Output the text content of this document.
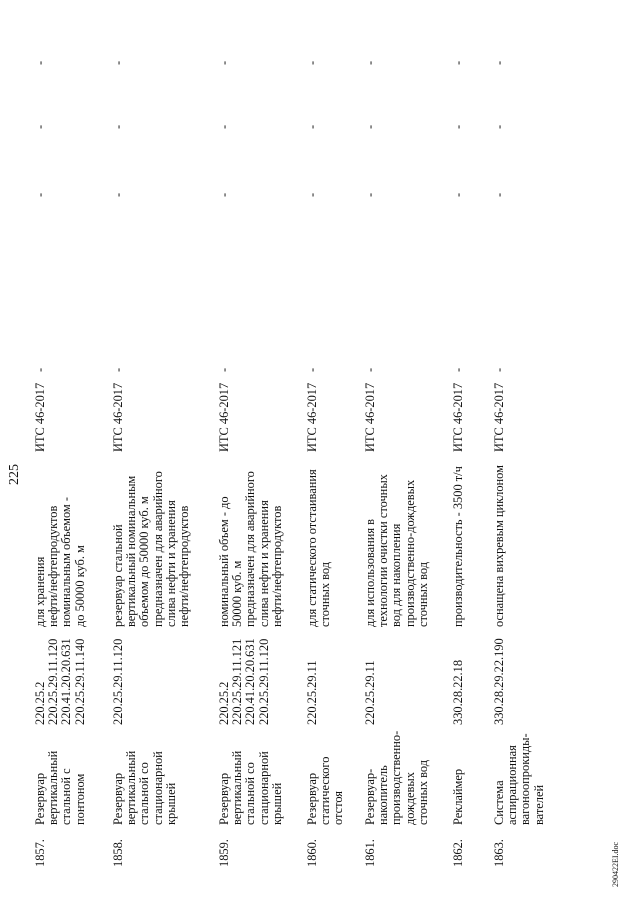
225
290422EI.doc
1857.
Резервуар вертикальный стальной с понтоном
220.25.2 220.25.29.11.120 220.41.20.20.631 220.25.29.11.140
для хранения нефти/нефтепродуктов номинальным объемом - до 50000 куб. м
ИТС 46-2017
-
-
-
-
1858.
Резервуар вертикальный стальной со стационарной крышей
220.25.29.11.120
резервуар стальной вертикальный номинальным объемом до 50000 куб. м предназначен для аварийного слива нефти и хранения нефти/нефтепродуктов
ИТС 46-2017
-
-
-
-
1859.
Резервуар вертикальный стальной со стационарной крышей
220.25.2 220.25.29.11.121 220.41.20.20.631 220.25.29.11.120
номинальный объем - до 50000 куб. м предназначен для аварийного слива нефти и хранения нефти/нефтепродуктов
ИТС 46-2017
-
-
-
-
1860.
Резервуар статического отстоя
220.25.29.11
для статического отстаивания сточных вод
ИТС 46-2017
-
-
-
-
1861.
Резервуар- накопитель производственно- дождевых сточных вод
220.25.29.11
для использования в технологии очистки сточных вод для накопления производственно-дождевых сточных вод
ИТС 46-2017
-
-
-
-
1862.
Реклаймер
330.28.22.18
производительность - 3500 т/ч
ИТС 46-2017
-
-
-
-
1863.
Система аспирационная вагоноопрокиды- вателей
330.28.29.22.190
оснащена вихревым циклоном
ИТС 46-2017
-
-
-
-
